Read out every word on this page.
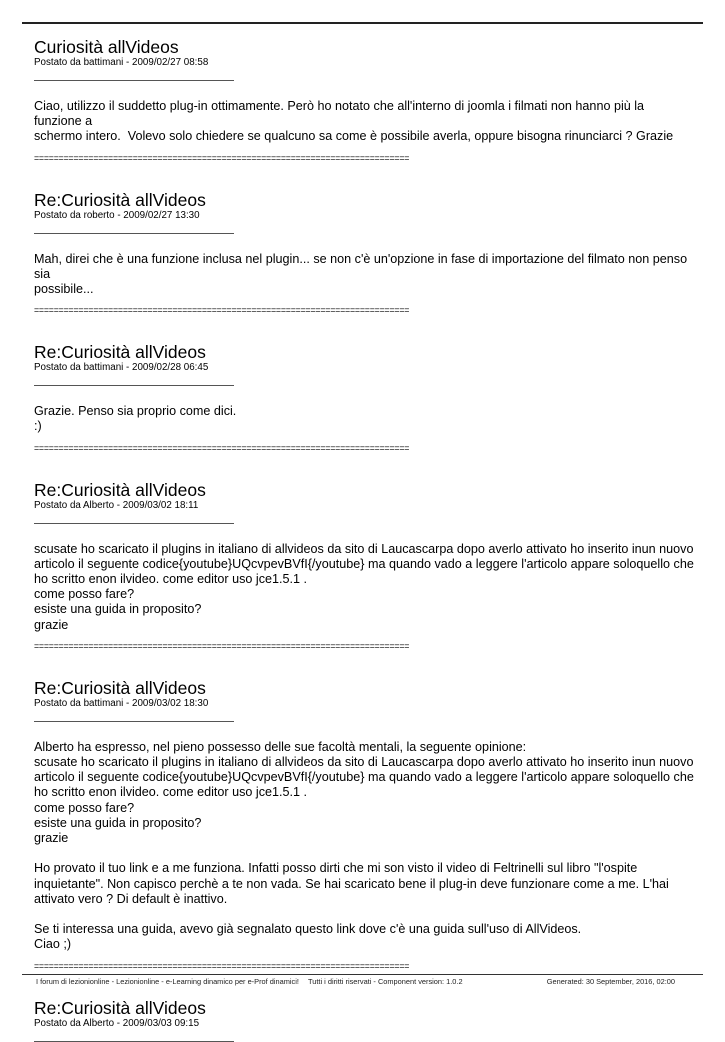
Curiosità allVideos
Postato da battimani - 2009/02/27 08:58
Ciao, utilizzo il suddetto plug-in ottimamente. Però ho notato che all'interno di joomla i filmati non hanno più la funzione a
schermo intero.  Volevo solo chiedere se qualcuno sa come è possibile averla, oppure bisogna rinunciarci ? Grazie
============================================================================
Re:Curiosità allVideos
Postato da roberto - 2009/02/27 13:30
Mah, direi che è una funzione inclusa nel plugin... se non c'è un'opzione in fase di importazione del filmato non penso sia
possibile...
============================================================================
Re:Curiosità allVideos
Postato da battimani - 2009/02/28 06:45
Grazie. Penso sia proprio come dici.
:)
============================================================================
Re:Curiosità allVideos
Postato da Alberto - 2009/03/02 18:11
scusate ho scaricato il plugins in italiano di allvideos da sito di Laucascarpa dopo averlo attivato ho inserito inun nuovo
articolo il seguente codice{youtube}UQcvpevBVfI{/youtube} ma quando vado a leggere l'articolo appare soloquello che
ho scritto enon ilvideo. come editor uso jce1.5.1 .
come posso fare?
esiste una guida in proposito?
grazie
============================================================================
Re:Curiosità allVideos
Postato da battimani - 2009/03/02 18:30
Alberto ha espresso, nel pieno possesso delle sue facoltà mentali, la seguente opinione:
scusate ho scaricato il plugins in italiano di allvideos da sito di Laucascarpa dopo averlo attivato ho inserito inun nuovo
articolo il seguente codice{youtube}UQcvpevBVfI{/youtube} ma quando vado a leggere l'articolo appare soloquello che
ho scritto enon ilvideo. come editor uso jce1.5.1 .
come posso fare?
esiste una guida in proposito?
grazie

Ho provato il tuo link e a me funziona. Infatti posso dirti che mi son visto il video di Feltrinelli sul libro "l'ospite
inquietante". Non capisco perchè a te non vada. Se hai scaricato bene il plug-in deve funzionare come a me. L'hai
attivato vero ? Di default è inattivo.

Se ti interessa una guida, avevo già segnalato questo link dove c'è una guida sull'uso di AllVideos.
Ciao ;)
============================================================================
Re:Curiosità allVideos
Postato da Alberto - 2009/03/03 09:15
I forum di lezionionline - Lezionionline - e-Learning dinamico per e-Prof dinamici! Tutti i diritti riservati - Component version: 1.0.2	Generated: 30 September, 2016, 02:00
